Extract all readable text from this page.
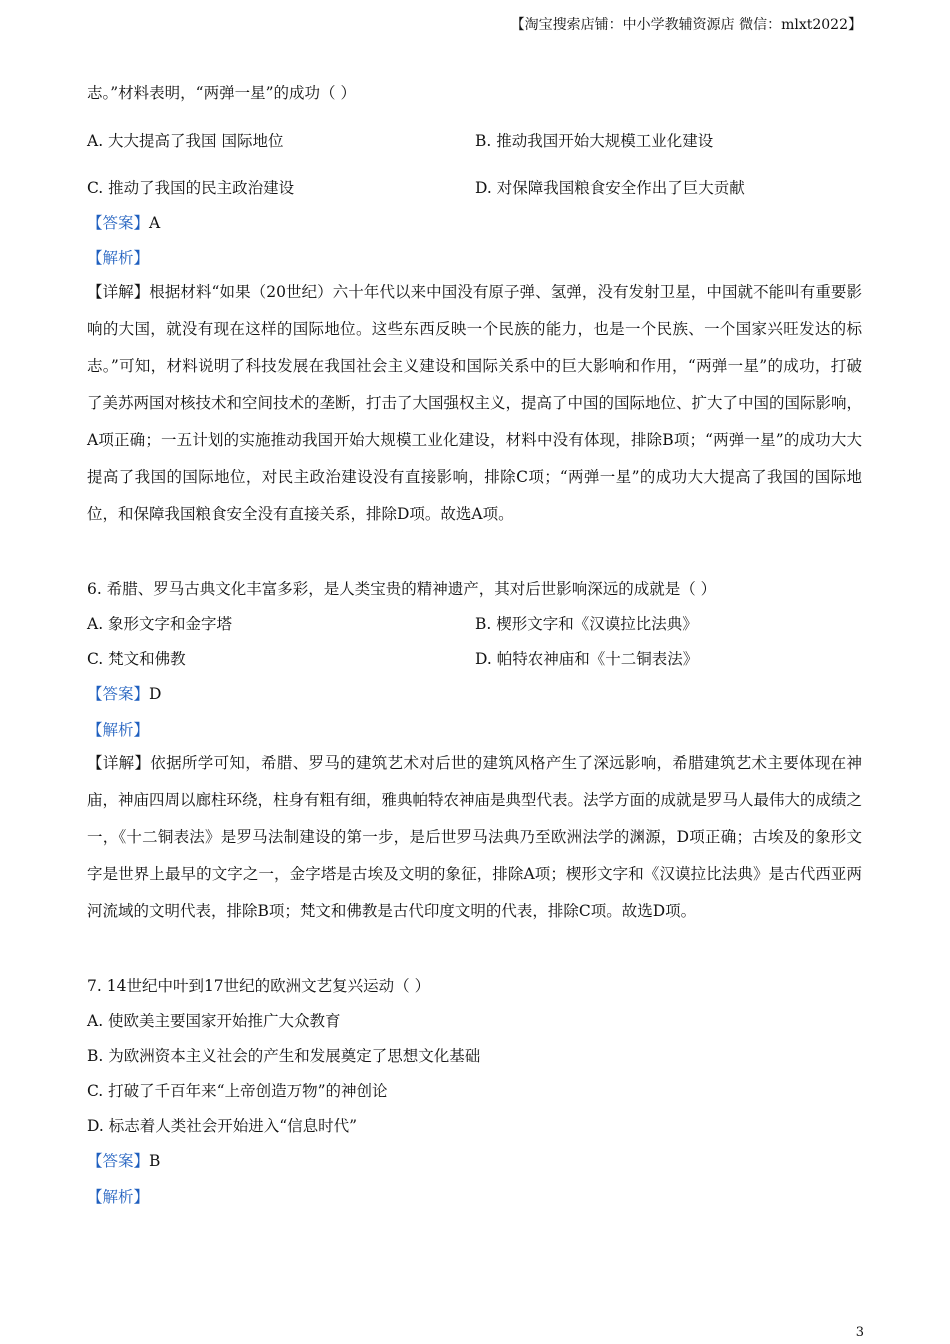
【淘宝搜索店铺：中小学教辅资源店 微信：mlxt2022】
志。”材料表明，“两弹一星”的成功（ ）
A. 大大提高了我国 国际地位	B. 推动我国开始大规模工业化建设
C. 推动了我国的民主政治建设	D. 对保障我国粮食安全作出了巨大贡献
【答案】A
【解析】

【详解】根据材料“如果（20世纪）六十年代以来中国没有原子弹、氢弹，没有发射卫星，中国就不能叫有重要影响的大国，就没有现在这样的国际地位。这些东西反映一个民族的能力，也是一个民族、一个国家兴旺发达的标志。”可知，材料说明了科技发展在我国社会主义建设和国际关系中的巨大影响和作用，“两弹一星”的成功，打破了美苏两国对核技术和空间技术的垄断，打击了大国强权主义，提高了中国的国际地位、扩大了中国的国际影响，A项正确；一五计划的实施推动我国开始大规模工业化建设，材料中没有体现，排除B项；“两弹一星”的成功大大提高了我国的国际地位，对民主政治建设没有直接影响，排除C项；“两弹一星”的成功大大提高了我国的国际地位，和保障我国粮食安全没有直接关系，排除D项。故选A项。

6. 希腊、罗马古典文化丰富多彩，是人类宝贵的精神遗产，其对后世影响深远的成就是（ ）
A. 象形文字和金字塔	B. 楔形文字和《汉谟拉比法典》
C. 梵文和佛教	D. 帕特农神庙和《十二铜表法》
【答案】D
【解析】

【详解】依据所学可知，希腊、罗马的建筑艺术对后世的建筑风格产生了深远影响，希腊建筑艺术主要体现在神庙，神庙四周以廊柱环绕，柱身有粗有细，雅典帕特农神庙是典型代表。法学方面的成就是罗马人最伟大的成绩之一，《十二铜表法》是罗马法制建设的第一步，是后世罗马法典乃至欧洲法学的渊源，D项正确；古埃及的象形文字是世界上最早的文字之一，金字塔是古埃及文明的象征，排除A项；楔形文字和《汉谟拉比法典》是古代西亚两河流域的文明代表，排除B项；梵文和佛教是古代印度文明的代表，排除C项。故选D项。

7. 14世纪中叶到17世纪的欧洲文艺复兴运动（ ）
A. 使欧美主要国家开始推广大众教育
B. 为欧洲资本主义社会的产生和发展奠定了思想文化基础
C. 打破了千百年来“上帝创造万物”的神创论
D. 标志着人类社会开始进入“信息时代”
【答案】B
【解析】
3
